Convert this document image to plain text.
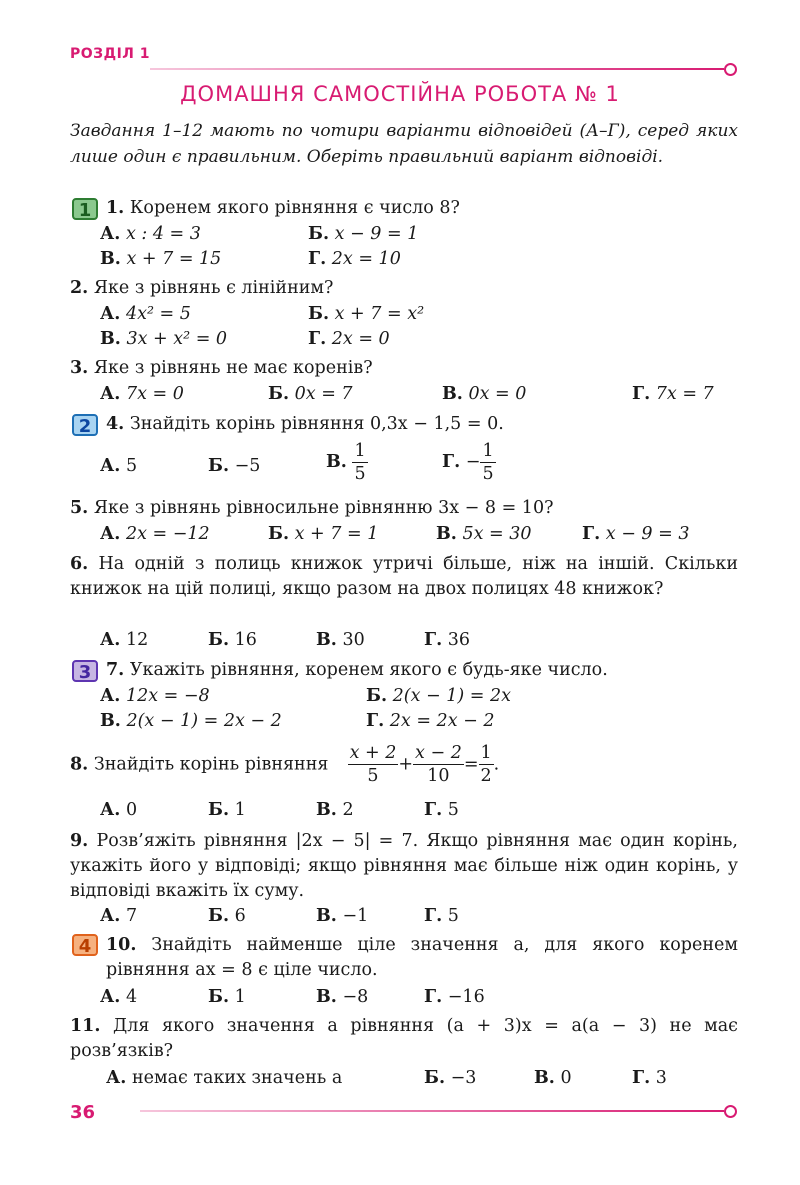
РОЗДІЛ 1
ДОМАШНЯ САМОСТІЙНА РОБОТА № 1
Завдання 1–12 мають по чотири варіанти відповідей (А–Г), серед яких лише один є правильним. Оберіть правильний варіант відповіді.
1
2
3
4
1. Коренем якого рівняння є число 8?
А. x : 4 = 3	Б. x − 9 = 1
В. x + 7 = 15	Г. 2x = 10
2. Яке з рівнянь є лінійним?
А. 4x² = 5	Б. x + 7 = x²
В. 3x + x² = 0	Г. 2x = 0
3. Яке з рівнянь не має коренів?
А. 7x = 0	Б. 0x = 7	В. 0x = 0	Г. 7x = 7
4. Знайдіть корінь рівняння 0,3x − 1,5 = 0.
А. 5	Б. −5	В. $\frac{1}{5}$	Г. − $\frac{1}{5}$
5. Яке з рівнянь рівносильне рівнянню 3x − 8 = 10?
А. 2x = −12	Б. x + 7 = 1	В. 5x = 30	Г. x − 9 = 3
6. На одній з полиць книжок утричі більше, ніж на іншій. Скільки книжок на цій полиці, якщо разом на двох полицях 48 книжок?
А. 12	Б. 16	В. 30	Г. 36
7. Укажіть рівняння, коренем якого є будь-яке число.
А. 12x = −8	Б. 2(x − 1) = 2x
В. 2(x − 1) = 2x − 2	Г. 2x = 2x − 2
8. Знайдіть корінь рівняння $\frac{x + 2}{5} + \frac{x - 2}{10} = \frac{1}{2}$ .
А. 0	Б. 1	В. 2	Г. 5
9. Розв’яжіть рівняння |2x − 5| = 7. Якщо рівняння має один корінь, укажіть його у відповіді; якщо рівняння має більше ніж один корінь, у відповіді вкажіть їх суму.
А. 7	Б. 6	В. −1	Г. 5
10. Знайдіть найменше ціле значення a, для якого коренем рівняння ax = 8 є ціле число.
А. 4	Б. 1	В. −8	Г. −16
11. Для якого значення a рівняння (a + 3)x = a(a − 3) не має розв’язків?
А. немає таких значень a	Б. −3	В. 0	Г. 3
36
